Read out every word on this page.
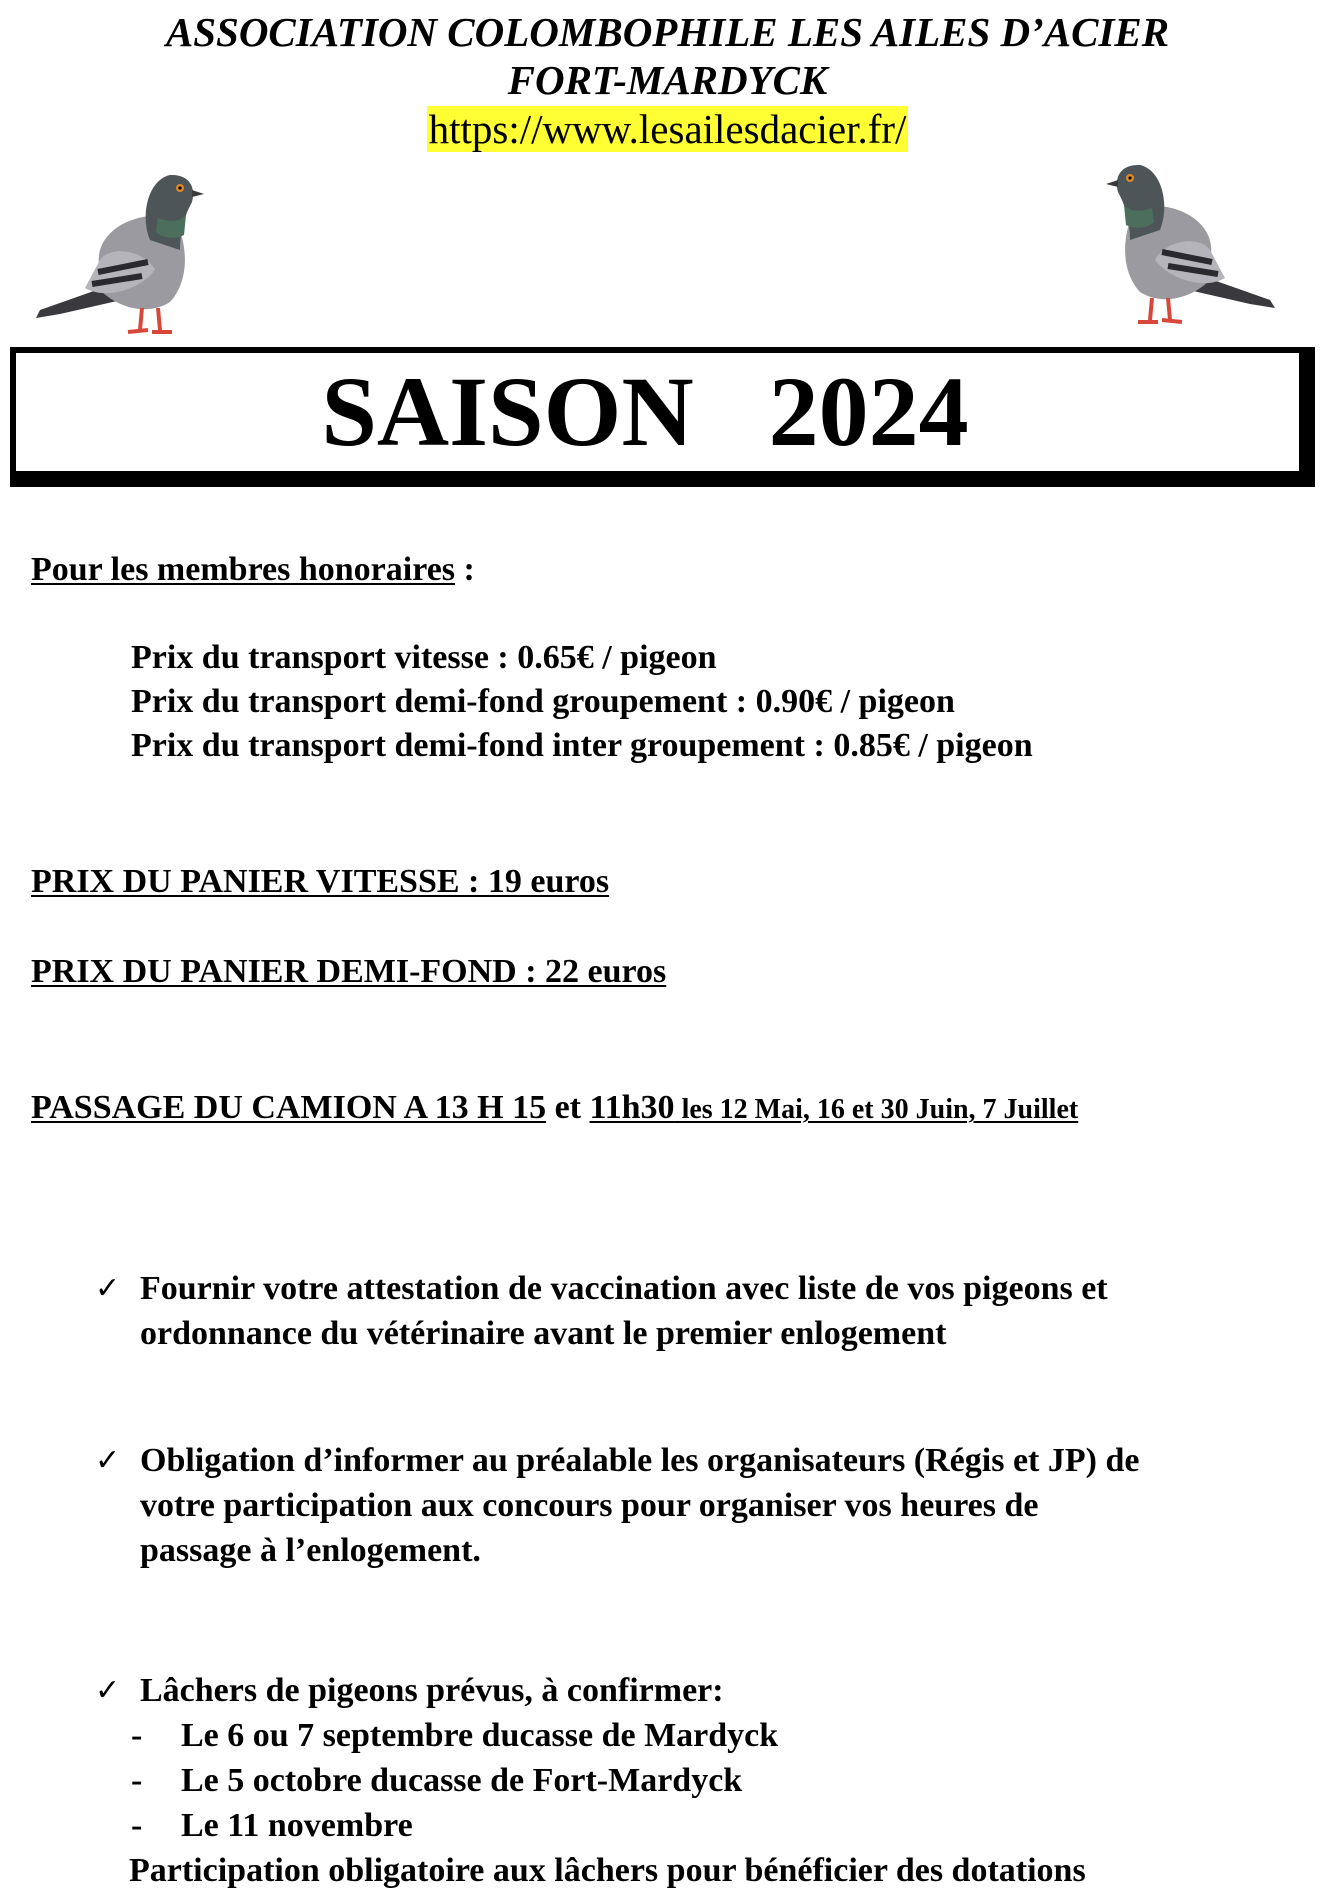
ASSOCIATION COLOMBOPHILE LES AILES D’ACIER
FORT-MARDYCK
https://www.lesailesdacier.fr/
SAISON   2024
Pour les membres honoraires :
Prix du transport vitesse : 0.65€ / pigeon
Prix du transport demi-fond groupement : 0.90€ / pigeon
Prix du transport demi-fond inter groupement : 0.85€ / pigeon
PRIX DU PANIER VITESSE : 19 euros
PRIX DU PANIER DEMI-FOND : 22 euros
PASSAGE DU CAMION A 13 H 15 et 11h30 les 12 Mai, 16 et 30 Juin, 7 Juillet
✓ Fournir votre attestation de vaccination avec liste de vos pigeons et
ordonnance du vétérinaire avant le premier enlogement
✓ Obligation d’informer au préalable les organisateurs (Régis et JP) de
votre participation aux concours pour organiser vos heures de
passage à l’enlogement.
✓ Lâchers de pigeons prévus, à confirmer:
- Le 6 ou 7 septembre ducasse de Mardyck
- Le 5 octobre ducasse de Fort-Mardyck
- Le 11 novembre
Participation obligatoire aux lâchers pour bénéficier des dotations
